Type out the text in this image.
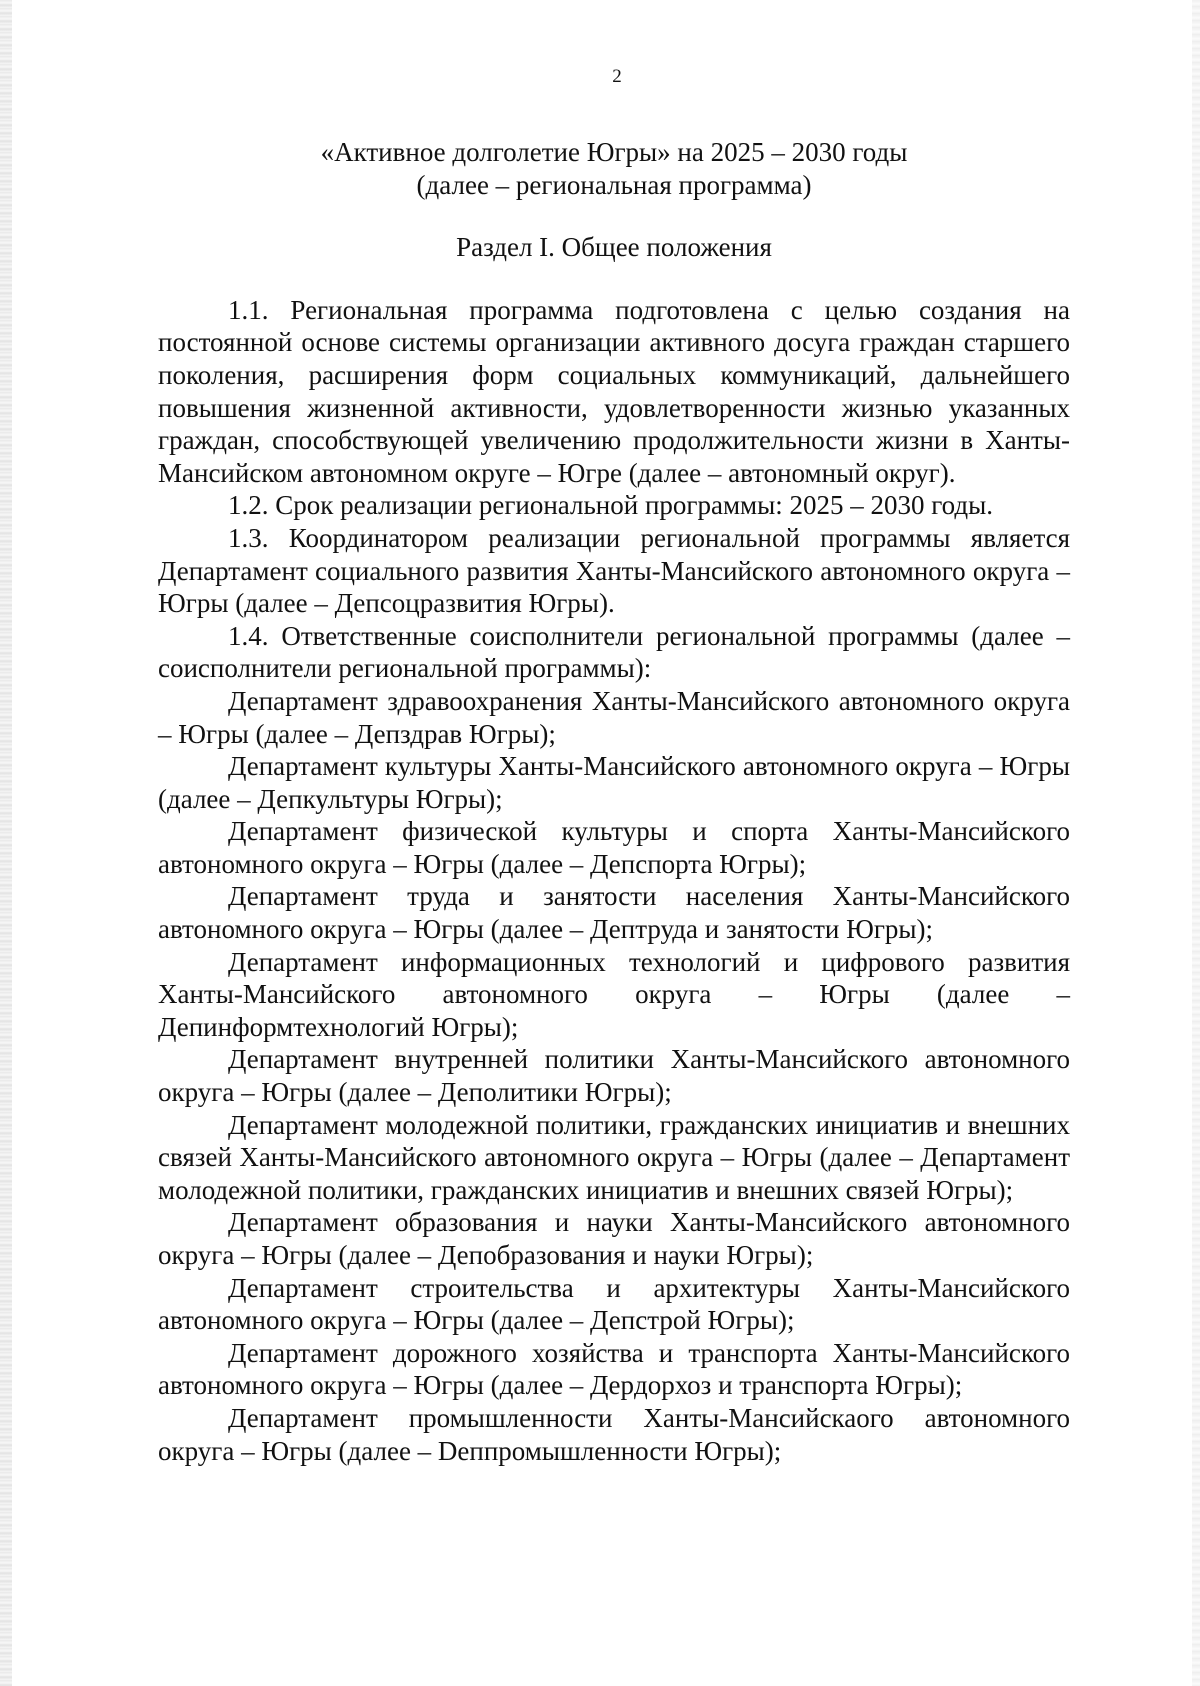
2

«Активное долголетие Югры» на 2025 – 2030 годы

(далее – региональная программа)

Раздел I. Общее положения

1.1. Региональная программа подготовлена с целью создания на постоянной основе системы организации активного досуга граждан старшего поколения, расширения форм социальных коммуникаций, дальнейшего повышения жизненной активности, удовлетворенности жизнью указанных граждан, способствующей увеличению продолжительности жизни в Ханты-Мансийском автономном округе – Югре (далее – автономный округ).

1.2. Срок реализации региональной программы: 2025 – 2030 годы.

1.3. Координатором реализации региональной программы является Департамент социального развития Ханты-Мансийского автономного округа – Югры (далее – Депсоцразвития Югры).

1.4. Ответственные соисполнители региональной программы (далее – соисполнители региональной программы):

Департамент здравоохранения Ханты-Мансийского автономного округа – Югры (далее – Депздрав Югры);

Департамент культуры Ханты-Мансийского автономного округа – Югры (далее – Депкультуры Югры);

Департамент физической культуры и спорта Ханты-Мансийского автономного округа – Югры (далее – Депспорта Югры);

Департамент труда и занятости населения Ханты-Мансийского автономного округа – Югры (далее – Дептруда и занятости Югры);

Департамент информационных технологий и цифрового развития Ханты-Мансийского автономного округа – Югры (далее – Депинформтехнологий Югры);

Департамент внутренней политики Ханты-Мансийского автономного округа – Югры (далее – Деполитики Югры);

Департамент молодежной политики, гражданских инициатив и внешних связей Ханты-Мансийского автономного округа – Югры (далее – Департамент молодежной политики, гражданских инициатив и внешних связей Югры);

Департамент образования и науки Ханты-Мансийского автономного округа – Югры (далее – Депобразования и науки Югры);

Департамент строительства и архитектуры Ханты-Мансийского автономного округа – Югры (далее – Депстрой Югры);

Департамент дорожного хозяйства и транспорта Ханты-Мансийского автономного округа – Югры (далее – Дepдорхоз и транспорта Югры);

Департамент промышленности Ханты-Мансийскаого автономного округа – Югры (далее – Deппромышленности Югры);
